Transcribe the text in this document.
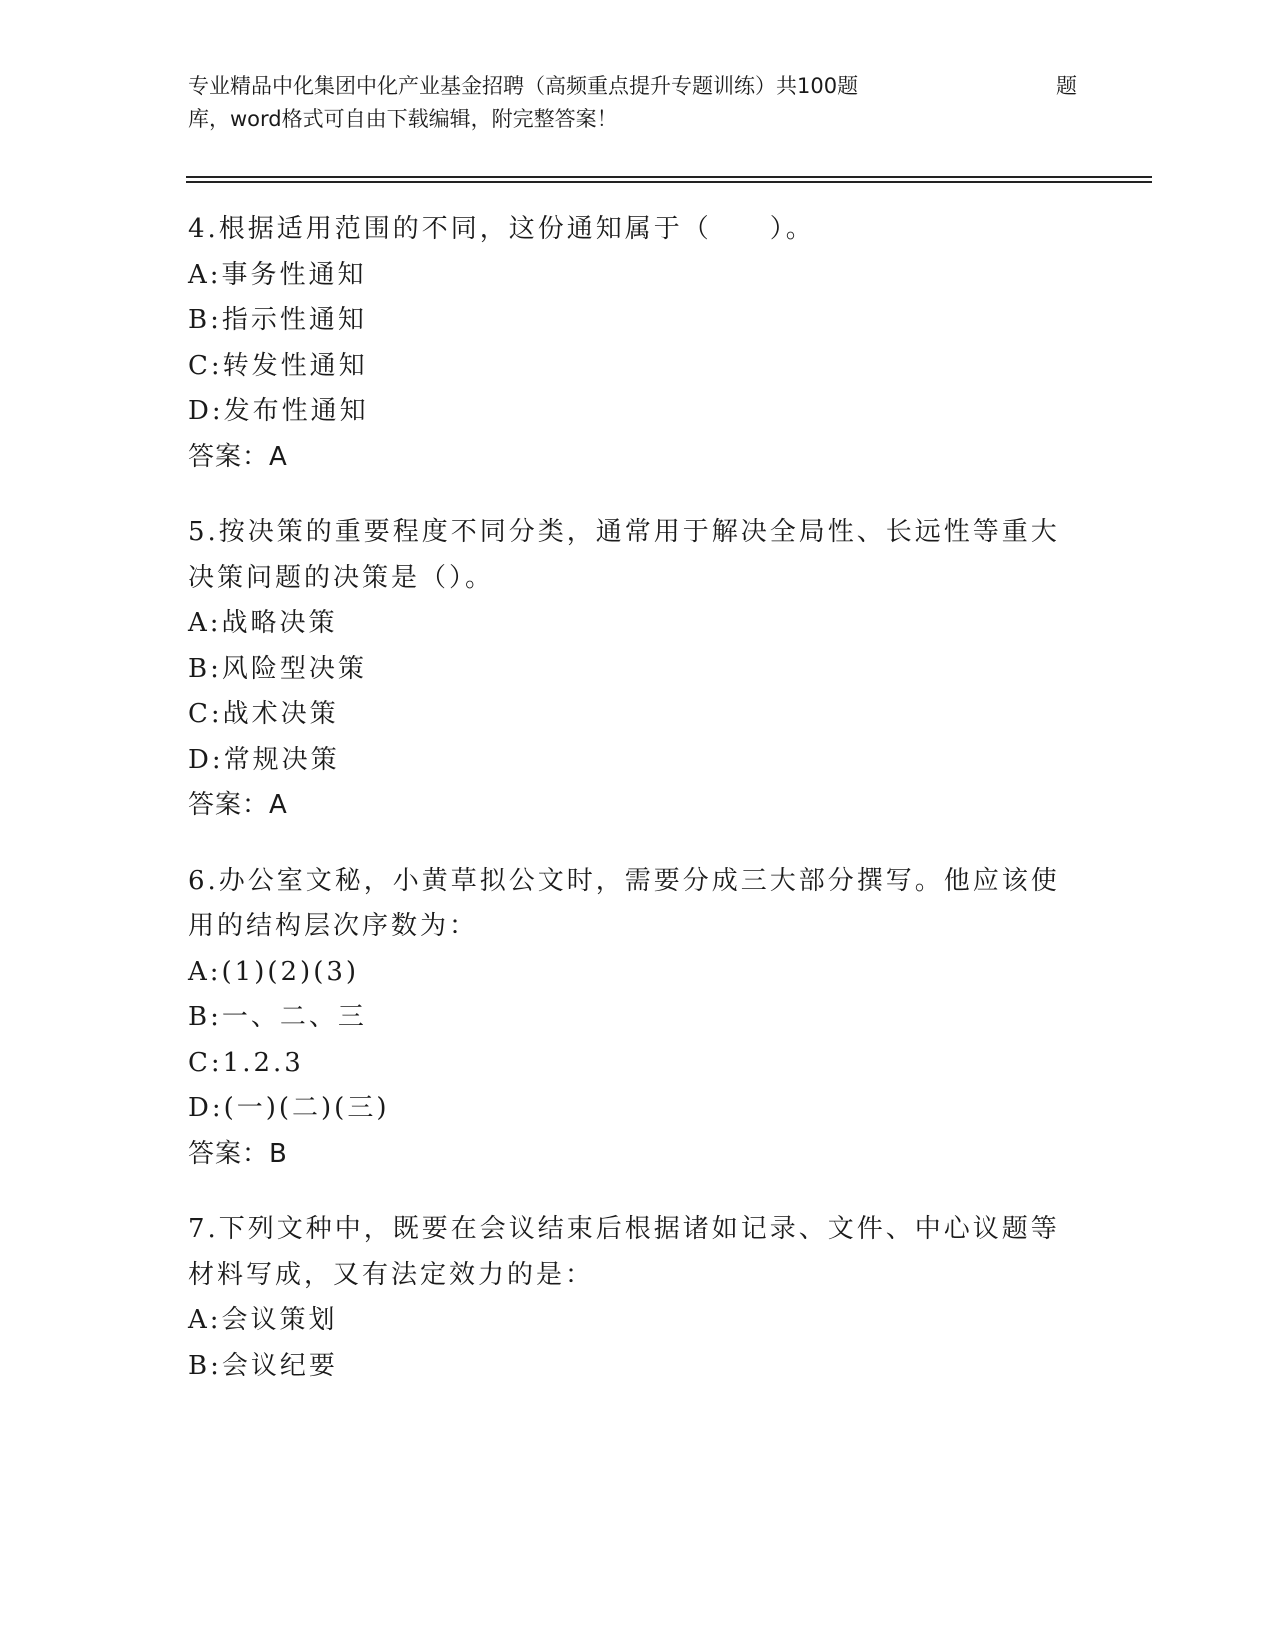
专业精品中化集团中化产业基金招聘（高频重点提升专题训练）共100题	题
库，word格式可自由下载编辑，附完整答案！
4.根据适用范围的不同，这份通知属于（　　）。
A:事务性通知
B:指示性通知
C:转发性通知
D:发布性通知
答案：A
5.按决策的重要程度不同分类，通常用于解决全局性、长远性等重大决策问题的决策是（）。
A:战略决策
B:风险型决策
C:战术决策
D:常规决策
答案：A
6.办公室文秘，小黄草拟公文时，需要分成三大部分撰写。他应该使用的结构层次序数为：
A:(1)(2)(3)
B:一、二、三
C:1.2.3
D:(一)(二)(三)
答案：B
7.下列文种中，既要在会议结束后根据诸如记录、文件、中心议题等材料写成，又有法定效力的是：
A:会议策划
B:会议纪要
